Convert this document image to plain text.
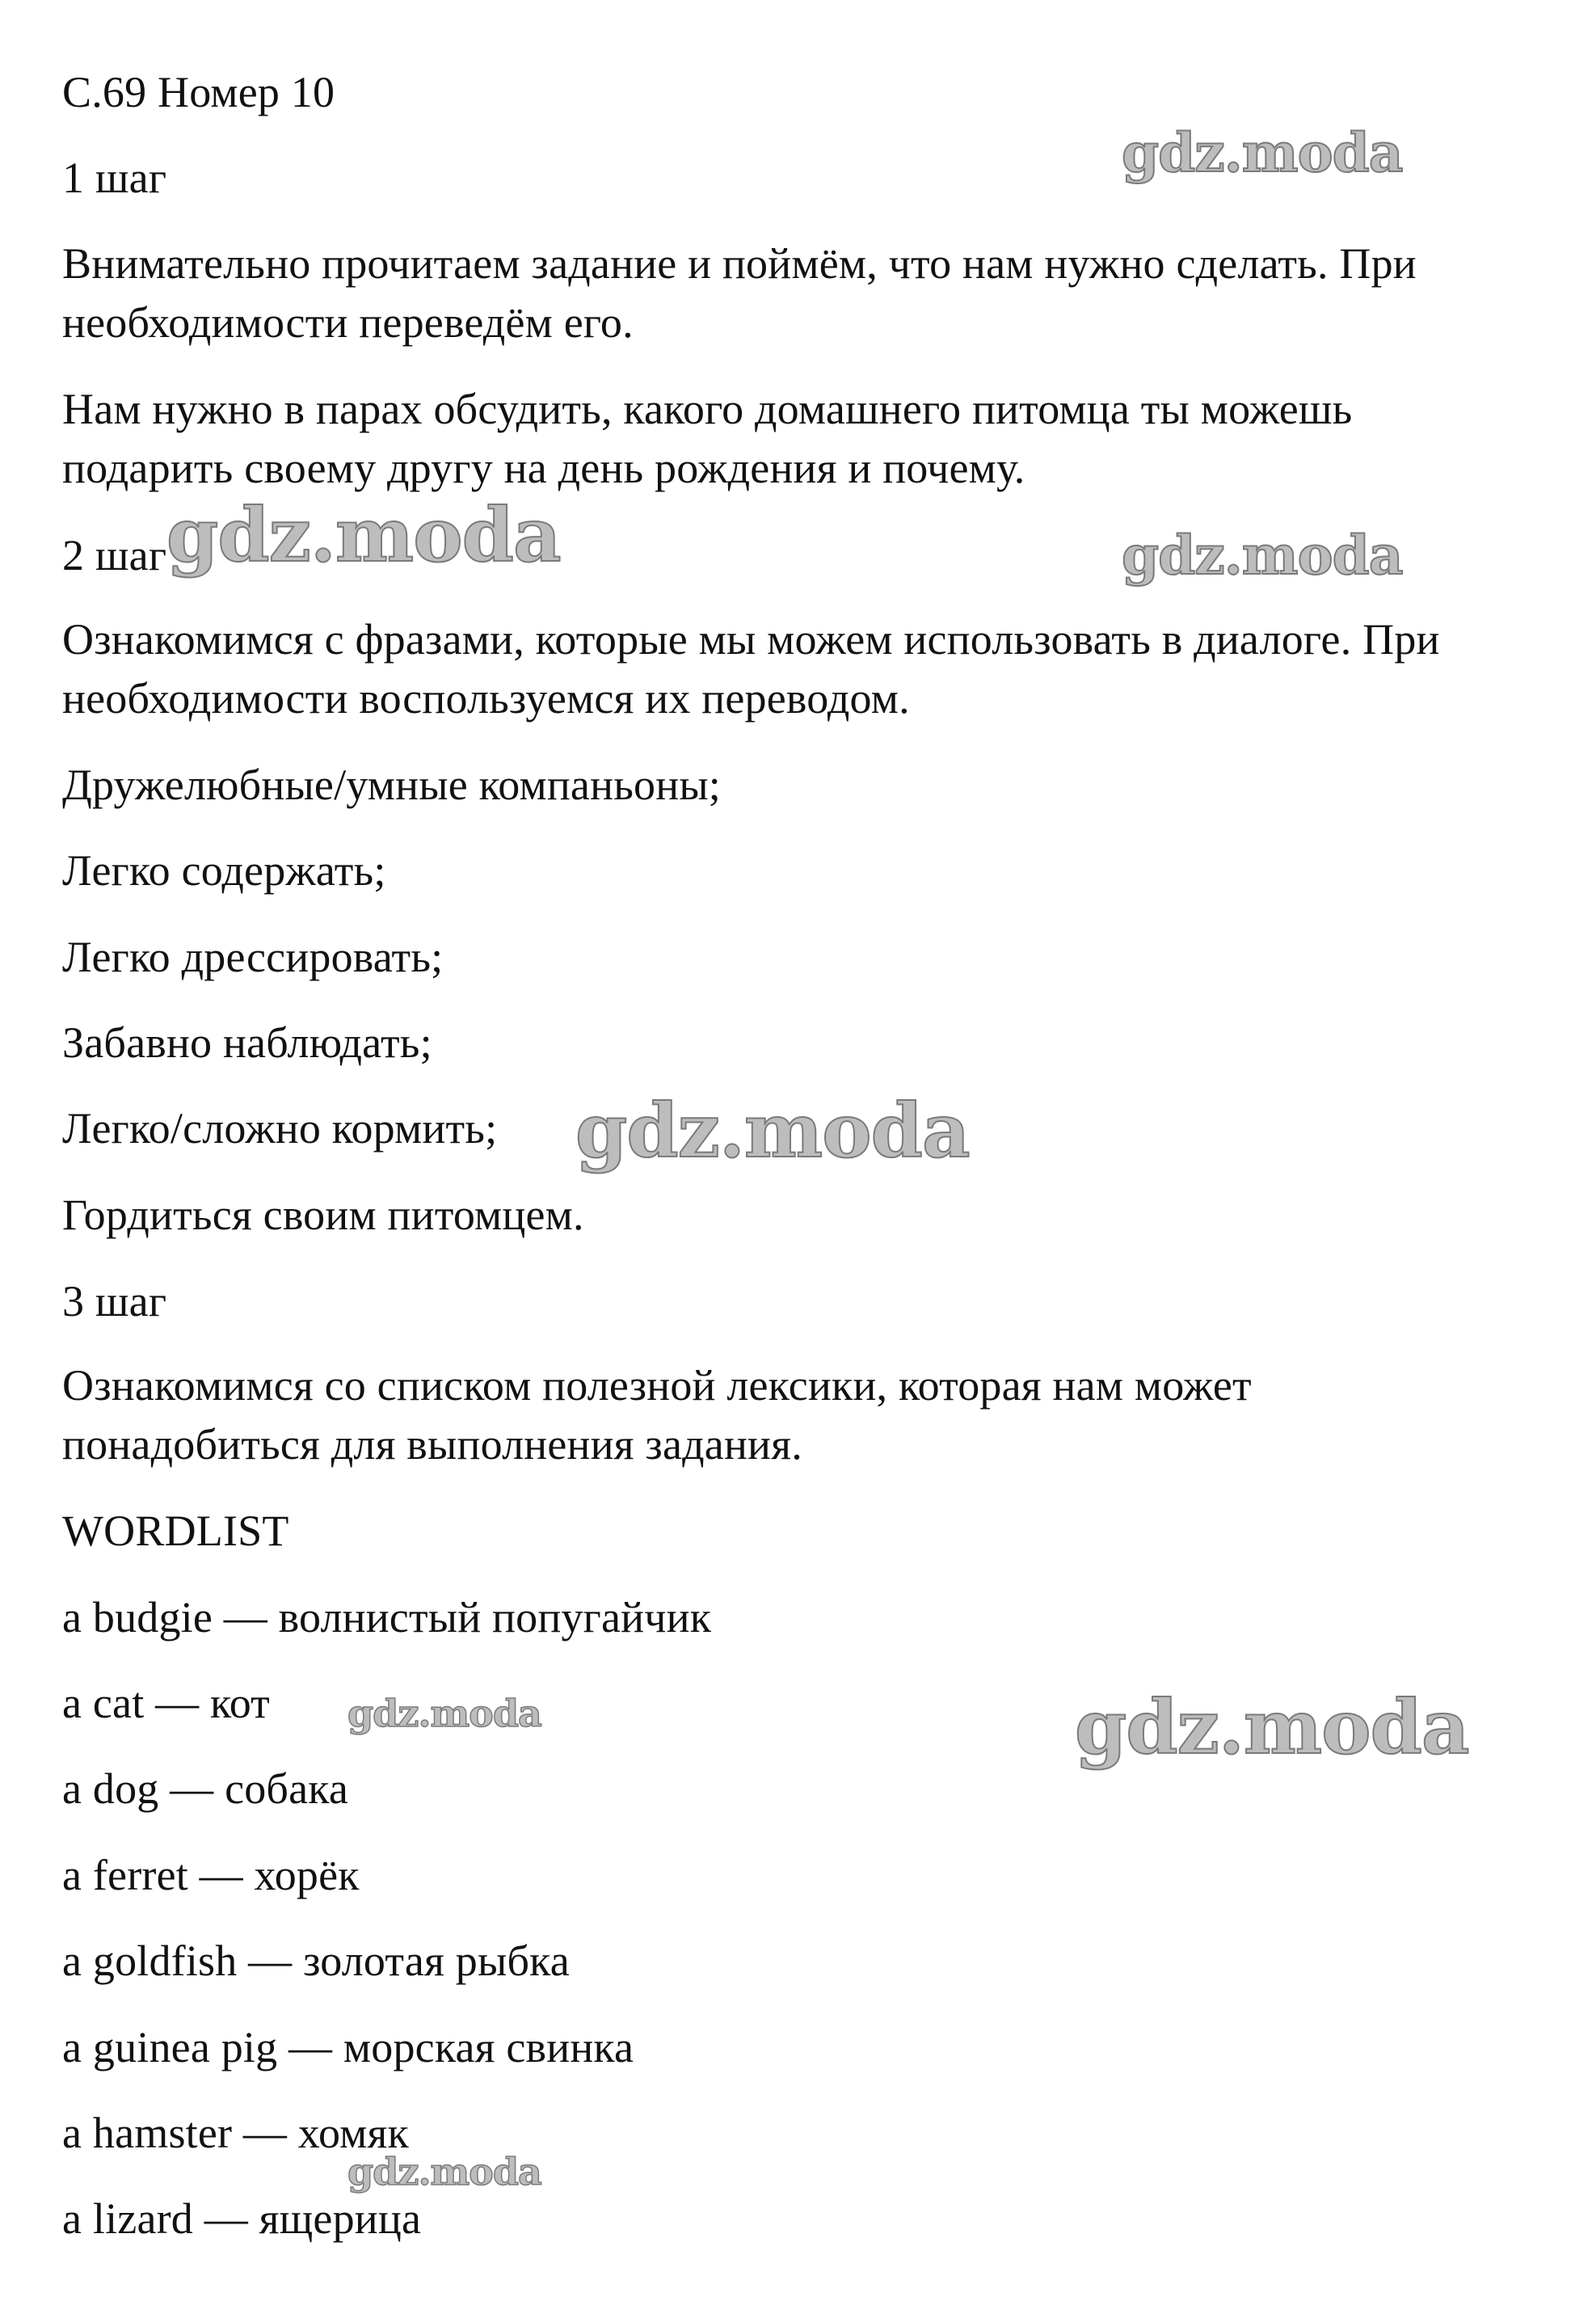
С.69 Номер 10

1 шаг

Внимательно прочитаем задание и поймём, что нам нужно сделать. При
необходимости переведём его.

Нам нужно в парах обсудить, какого домашнего питомца ты можешь
подарить своему другу на день рождения и почему.

2 шаг

Ознакомимся с фразами, которые мы можем использовать в диалоге. При
необходимости воспользуемся их переводом.

Дружелюбные/умные компаньоны;

Легко содержать;

Легко дрессировать;

Забавно наблюдать;

Легко/сложно кормить;

Гордиться своим питомцем.

3 шаг

Ознакомимся со списком полезной лексики, которая нам может
понадобиться для выполнения задания.

WORDLIST

a budgie — волнистый попугайчик

a cat — кот

a dog — собака

a ferret — хорёк

a goldfish — золотая рыбка

a guinea pig — морская свинка

a hamster — хомяк

a lizard — ящерица

gdz.moda
gdz.moda	gdz.moda
gdz.moda
gdz.moda	gdz.moda
gdz.moda
